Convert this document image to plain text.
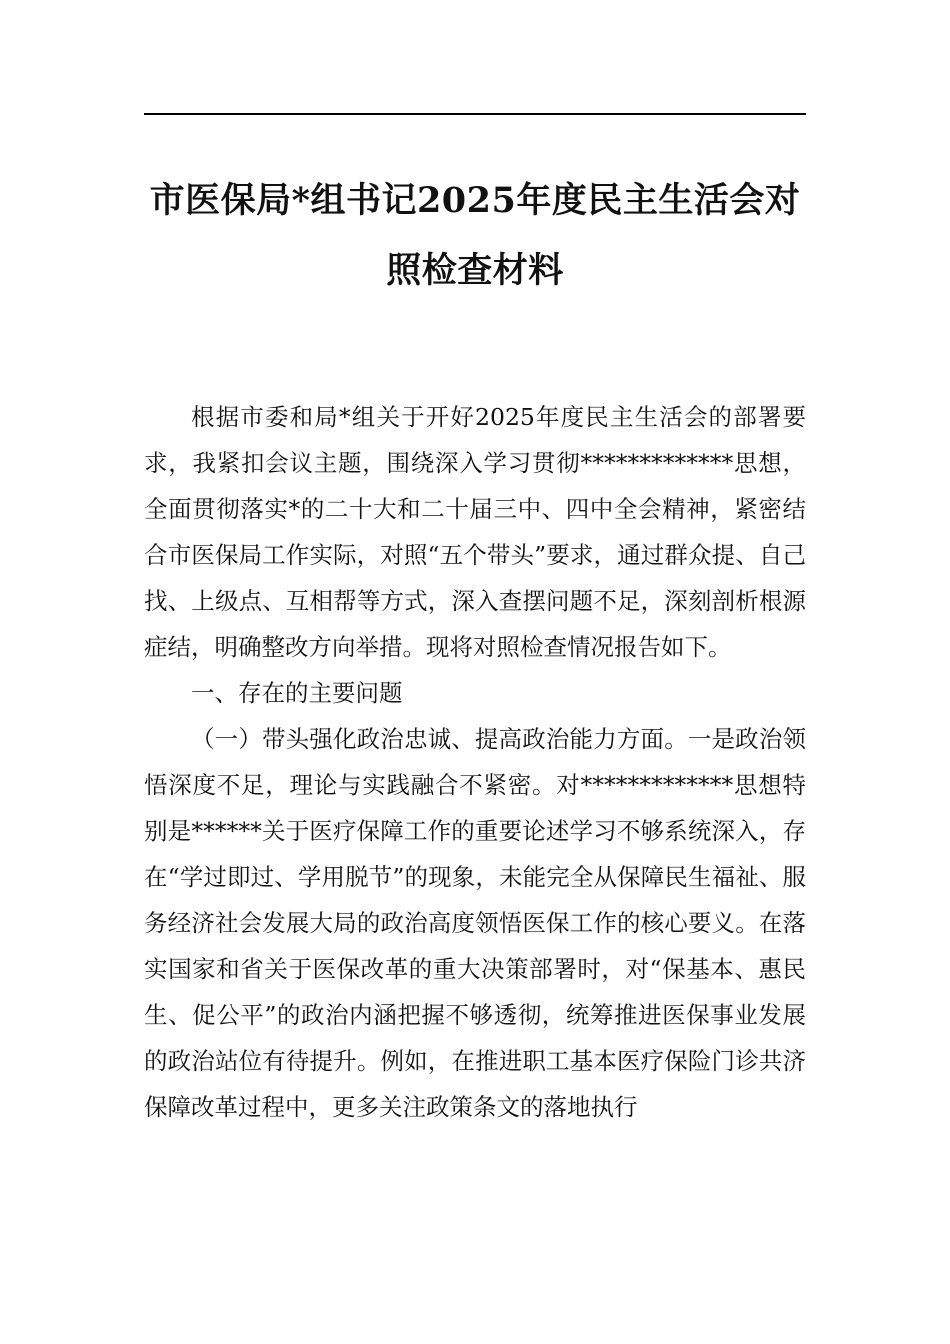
市医保局*组书记2025年度民主生活会对照检查材料

根据市委和局*组关于开好2025年度民主生活会的部署要求，我紧扣会议主题，围绕深入学习贯彻*************思想，全面贯彻落实*的二十大和二十届三中、四中全会精神，紧密结合市医保局工作实际，对照“五个带头”要求，通过群众提、自己找、上级点、互相帮等方式，深入查摆问题不足，深刻剖析根源症结，明确整改方向举措。现将对照检查情况报告如下。

一、存在的主要问题

（一）带头强化政治忠诚、提高政治能力方面。一是政治领悟深度不足，理论与实践融合不紧密。对*************思想特别是******关于医疗保障工作的重要论述学习不够系统深入，存在“学过即过、学用脱节”的现象，未能完全从保障民生福祉、服务经济社会发展大局的政治高度领悟医保工作的核心要义。在落实国家和省关于医保改革的重大决策部署时，对“保基本、惠民生、促公平”的政治内涵把握不够透彻，统筹推进医保事业发展的政治站位有待提升。例如，在推进职工基本医疗保险门诊共济保障改革过程中，更多关注政策条文的落地执行
